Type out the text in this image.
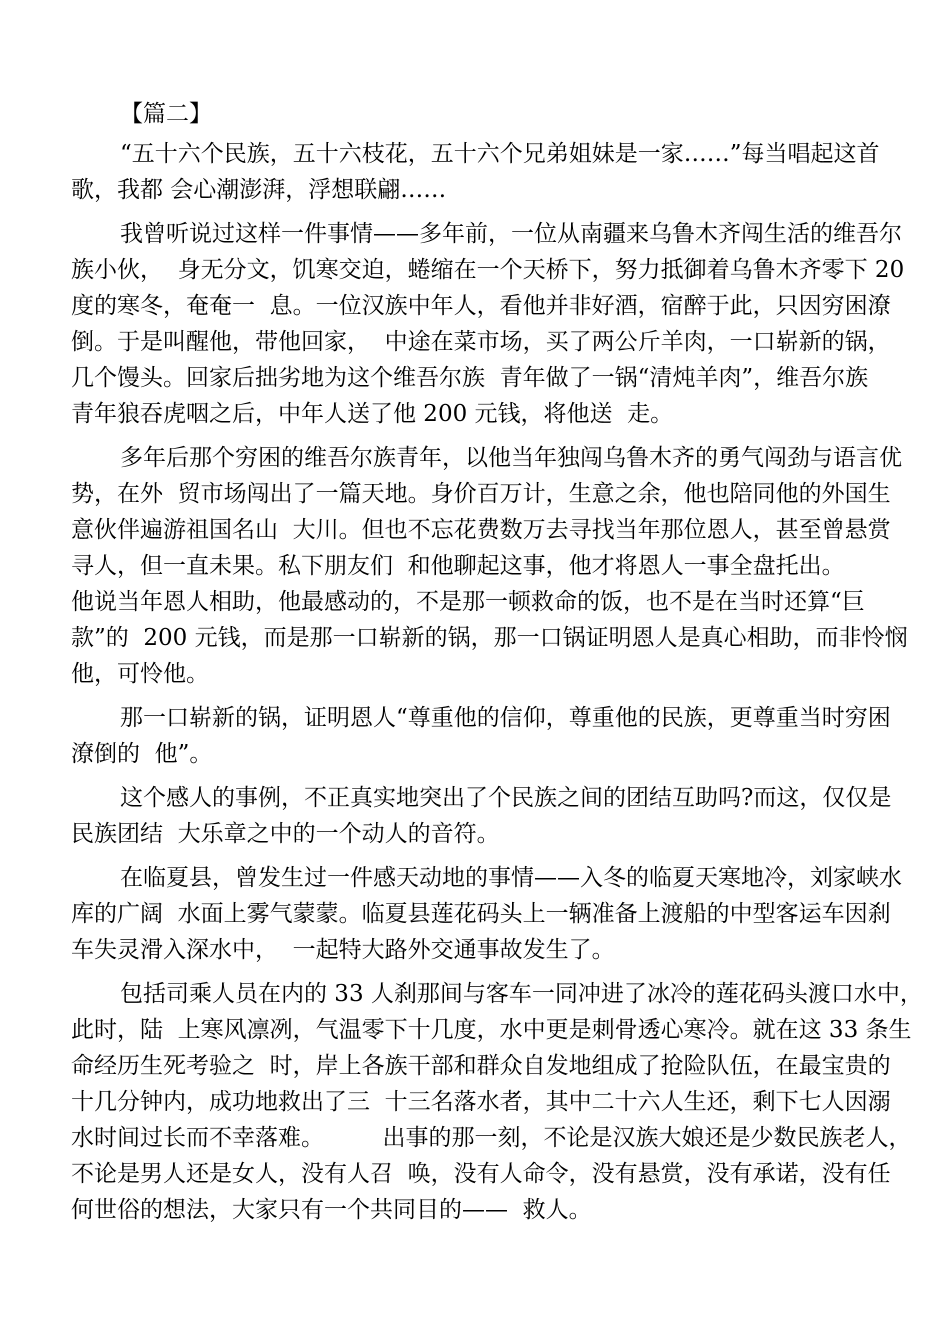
【篇二】
“五十六个民族，五十六枝花，五十六个兄弟姐妹是一家……”每当唱起这首
歌，我都 会心潮澎湃，浮想联翩……
我曾听说过这样一件事情——多年前，一位从南疆来乌鲁木齐闯生活的维吾尔
族小伙，  身无分文，饥寒交迫，蜷缩在一个天桥下，努力抵御着乌鲁木齐零下 20
度的寒冬，奄奄一  息。一位汉族中年人，看他并非好酒，宿醉于此，只因穷困潦
倒。于是叫醒他，带他回家，  中途在菜市场，买了两公斤羊肉，一口崭新的锅，
几个馒头。回家后拙劣地为这个维吾尔族  青年做了一锅“清炖羊肉”，维吾尔族
青年狼吞虎咽之后，中年人送了他 200 元钱，将他送  走。
多年后那个穷困的维吾尔族青年，以他当年独闯乌鲁木齐的勇气闯劲与语言优
势，在外  贸市场闯出了一篇天地。身价百万计，生意之余，他也陪同他的外国生
意伙伴遍游祖国名山  大川。但也不忘花费数万去寻找当年那位恩人，甚至曾悬赏
寻人，但一直未果。私下朋友们  和他聊起这事，他才将恩人一事全盘托出。
他说当年恩人相助，他最感动的，不是那一顿救命的饭，也不是在当时还算“巨
款”的  200 元钱，而是那一口崭新的锅，那一口锅证明恩人是真心相助，而非怜悯
他，可怜他。
那一口崭新的锅，证明恩人“尊重他的信仰，尊重他的民族，更尊重当时穷困
潦倒的  他”。
这个感人的事例，不正真实地突出了个民族之间的团结互助吗?而这，仅仅是
民族团结  大乐章之中的一个动人的音符。
在临夏县，曾发生过一件感天动地的事情——入冬的临夏天寒地冷，刘家峡水
库的广阔  水面上雾气蒙蒙。临夏县莲花码头上一辆准备上渡船的中型客运车因刹
车失灵滑入深水中，  一起特大路外交通事故发生了。
包括司乘人员在内的 33 人刹那间与客车一同冲进了冰冷的莲花码头渡口水中，
此时，陆  上寒风凛冽，气温零下十几度，水中更是刺骨透心寒冷。就在这 33 条生
命经历生死考验之  时，岸上各族干部和群众自发地组成了抢险队伍，在最宝贵的
十几分钟内，成功地救出了三  十三名落水者，其中二十六人生还，剩下七人因溺
水时间过长而不幸落难。        出事的那一刻，不论是汉族大娘还是少数民族老人，
不论是男人还是女人，没有人召  唤，没有人命令，没有悬赏，没有承诺，没有任
何世俗的想法，大家只有一个共同目的——  救人。
